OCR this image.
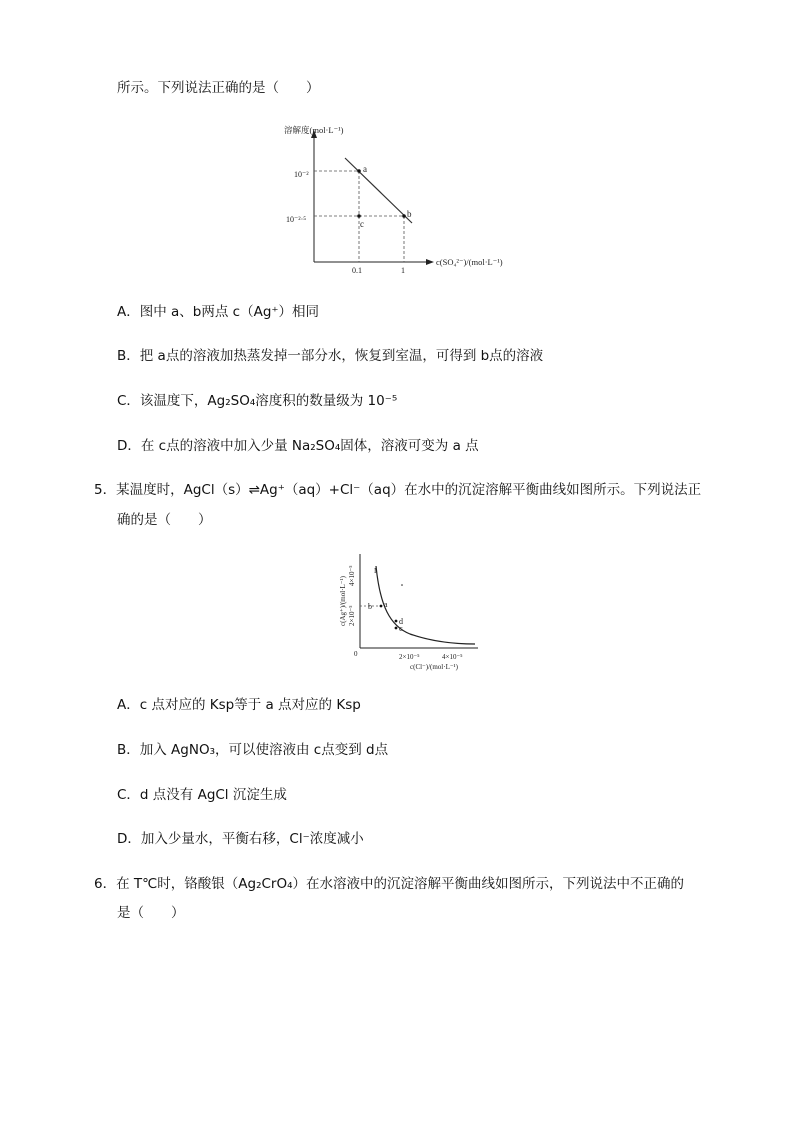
所示。下列说法正确的是（　　）
a
b
c
10⁻²
10⁻²·⁵
0.1	1
溶解度(mol·L⁻¹)
c(SO₄²⁻)/(mol·L⁻¹)
A．图中 a、b两点 c（Ag⁺）相同
B．把 a点的溶液加热蒸发掉一部分水，恢复到室温，可得到 b点的溶液
C．该温度下，Ag₂SO₄溶度积的数量级为 10⁻⁵
D．在 c点的溶液中加入少量 Na₂SO₄固体，溶液可变为 a 点
5．某温度时，AgCl（s）⇌Ag⁺（aq）+Cl⁻（aq）在水中的沉淀溶解平衡曲线如图所示。下列说法正
确的是（　　）
a
b
c
d
I
4×10⁻⁵
2×10⁻⁵
2×10⁻⁵	4×10⁻⁵
0
c(Ag⁺)/(mol·L⁻¹)
c(Cl⁻)/(mol·L⁻¹)
A．c 点对应的 Ksp等于 a 点对应的 Ksp
B．加入 AgNO₃，可以使溶液由 c点变到 d点
C．d 点没有 AgCl 沉淀生成
D．加入少量水，平衡右移，Cl⁻浓度减小
6．在 T℃时，铬酸银（Ag₂CrO₄）在水溶液中的沉淀溶解平衡曲线如图所示，下列说法中不正确的
是（　　）
